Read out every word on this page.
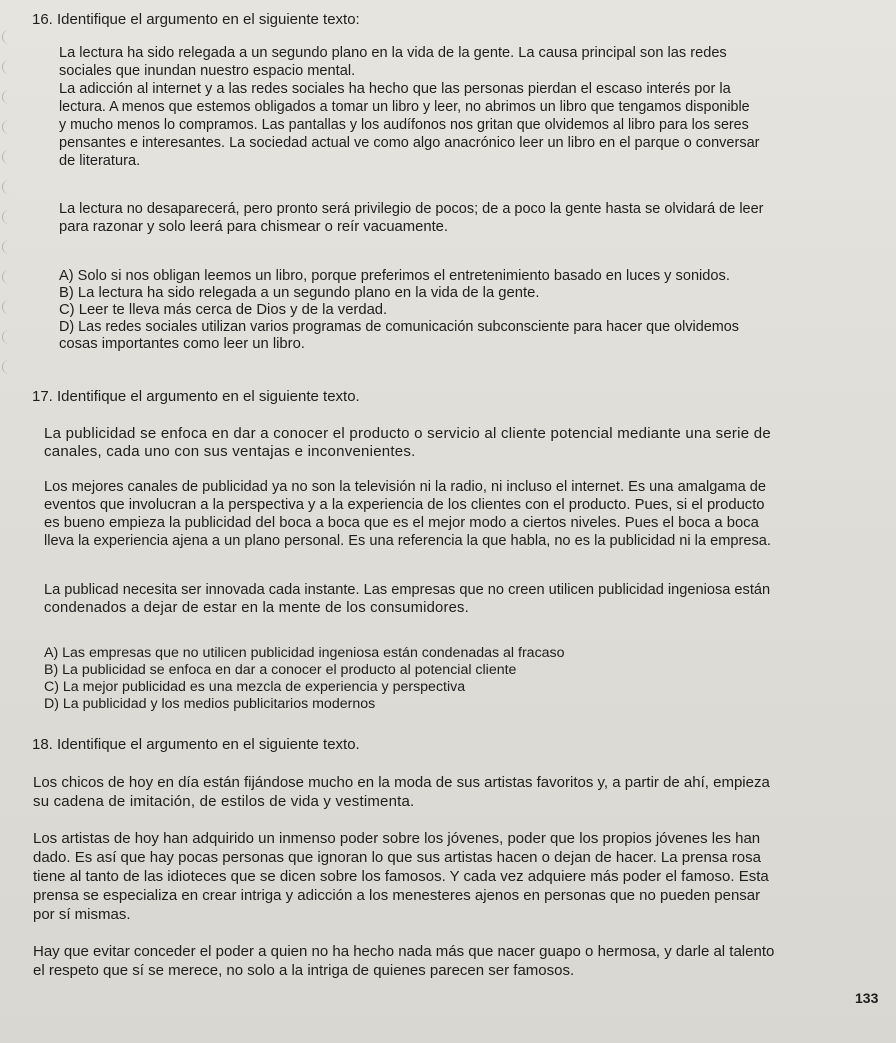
16. Identifique el argumento en el siguiente texto:
La lectura ha sido relegada a un segundo plano en la vida de la gente. La causa principal son las redes
sociales que inundan nuestro espacio mental.
La adicción al internet y a las redes sociales ha hecho que las personas pierdan el escaso interés por la
lectura. A menos que estemos obligados a tomar un libro y leer, no abrimos un libro que tengamos disponible
y mucho menos lo compramos. Las pantallas y los audífonos nos gritan que olvidemos al libro para los seres
pensantes e interesantes. La sociedad actual ve como algo anacrónico leer un libro en el parque o conversar
de literatura.
La lectura no desaparecerá, pero pronto será privilegio de pocos; de a poco la gente hasta se olvidará de leer
para razonar y solo leerá para chismear o reír vacuamente.
A) Solo si nos obligan leemos un libro, porque preferimos el entretenimiento basado en luces y sonidos.
B) La lectura ha sido relegada a un segundo plano en la vida de la gente.
C) Leer te lleva más cerca de Dios y de la verdad.
D) Las redes sociales utilizan varios programas de comunicación subconsciente para hacer que olvidemos
cosas importantes como leer un libro.
17. Identifique el argumento en el siguiente texto.
La publicidad se enfoca en dar a conocer el producto o servicio al cliente potencial mediante una serie de
canales, cada uno con sus ventajas e inconvenientes.
Los mejores canales de publicidad ya no son la televisión ni la radio, ni incluso el internet. Es una amalgama de
eventos que involucran a la perspectiva y a la experiencia de los clientes con el producto. Pues, si el producto
es bueno empieza la publicidad del boca a boca que es el mejor modo a ciertos niveles. Pues el boca a boca
lleva la experiencia ajena a un plano personal. Es una referencia la que habla, no es la publicidad ni la empresa.
La publicad necesita ser innovada cada instante. Las empresas que no creen utilicen publicidad ingeniosa están
condenados a dejar de estar en la mente de los consumidores.
A) Las empresas que no utilicen publicidad ingeniosa están condenadas al fracaso
B) La publicidad se enfoca en dar a conocer el producto al potencial cliente
C) La mejor publicidad es una mezcla de experiencia y perspectiva
D) La publicidad y los medios publicitarios modernos
18. Identifique el argumento en el siguiente texto.
Los chicos de hoy en día están fijándose mucho en la moda de sus artistas favoritos y, a partir de ahí, empieza
su cadena de imitación, de estilos de vida y vestimenta.
Los artistas de hoy han adquirido un inmenso poder sobre los jóvenes, poder que los propios jóvenes les han
dado. Es así que hay pocas personas que ignoran lo que sus artistas hacen o dejan de hacer. La prensa rosa
tiene al tanto de las idioteces que se dicen sobre los famosos. Y cada vez adquiere más poder el famoso. Esta
prensa se especializa en crear intriga y adicción a los menesteres ajenos en personas que no pueden pensar
por sí mismas.
Hay que evitar conceder el poder a quien no ha hecho nada más que nacer guapo o hermosa, y darle al talento
el respeto que sí se merece, no solo a la intriga de quienes parecen ser famosos.
133
